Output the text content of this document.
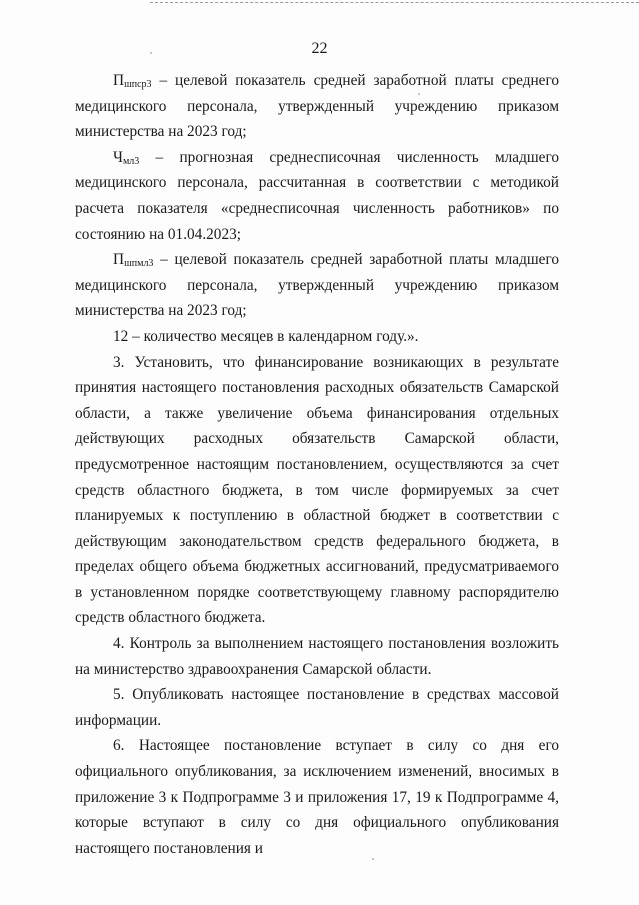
22

$П_{шпср3}$ – целевой показатель средней заработной платы среднего медицинского персонала, утвержденный учреждению приказом министерства на 2023 год;

$Ч_{мл3}$ – прогнозная среднесписочная численность младшего медицинского персонала, рассчитанная в соответствии с методикой расчета показателя «среднесписочная численность работников» по состоянию на 01.04.2023;

$П_{шпмл3}$ – целевой показатель средней заработной платы младшего медицинского персонала, утвержденный учреждению приказом министерства на 2023 год;

12 – количество месяцев в календарном году.».

3. Установить, что финансирование возникающих в результате принятия настоящего постановления расходных обязательств Самарской области, а также увеличение объема финансирования отдельных действующих расходных обязательств Самарской области, предусмотренное настоящим постановлением, осуществляются за счет средств областного бюджета, в том числе формируемых за счет планируемых к поступлению в областной бюджет в соответствии с действующим законодательством средств федерального бюджета, в пределах общего объема бюджетных ассигнований, предусматриваемого в установленном порядке соответствующему главному распорядителю средств областного бюджета.

4. Контроль за выполнением настоящего постановления возложить на министерство здравоохранения Самарской области.

5. Опубликовать настоящее постановление в средствах массовой информации.

6. Настоящее постановление вступает в силу со дня его официального опубликования, за исключением изменений, вносимых в приложение 3 к Подпрограмме 3 и приложения 17, 19 к Подпрограмме 4, которые вступают в силу со дня официального опубликования настоящего постановления и
